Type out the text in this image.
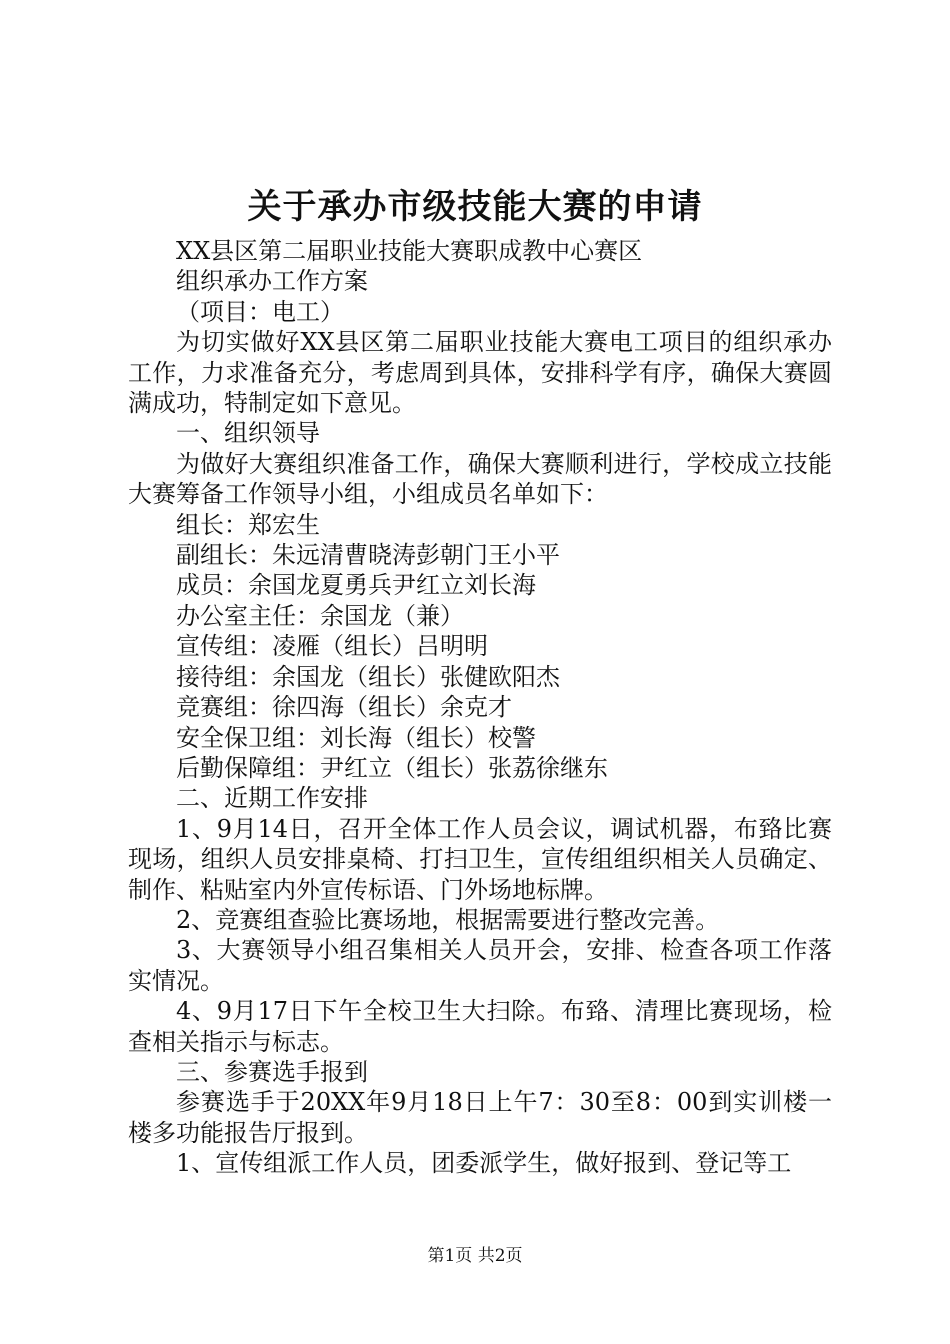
关于承办市级技能大赛的申请

XX县区第二届职业技能大赛职成教中心赛区

组织承办工作方案

（项目：电工）

为切实做好XX县区第二届职业技能大赛电工项目的组织承办工作，力求准备充分，考虑周到具体，安排科学有序，确保大赛圆满成功，特制定如下意见。

一、组织领导

为做好大赛组织准备工作，确保大赛顺利进行，学校成立技能大赛筹备工作领导小组，小组成员名单如下：

组长：郑宏生

副组长：朱远清曹晓涛彭朝门王小平

成员：余国龙夏勇兵尹红立刘长海

办公室主任：余国龙（兼）

宣传组：凌雁（组长）吕明明

接待组：余国龙（组长）张健欧阳杰

竞赛组：徐四海（组长）余克才

安全保卫组：刘长海（组长）校警

后勤保障组：尹红立（组长）张荔徐继东

二、近期工作安排

1、9月14日，召开全体工作人员会议，调试机器，布臵比赛现场，组织人员安排桌椅、打扫卫生，宣传组组织相关人员确定、制作、粘贴室内外宣传标语、门外场地标牌。

2、竞赛组查验比赛场地，根据需要进行整改完善。

3、大赛领导小组召集相关人员开会，安排、检查各项工作落实情况。

4、9月17日下午全校卫生大扫除。布臵、清理比赛现场，检查相关指示与标志。

三、参赛选手报到

参赛选手于20XX年9月18日上午7：30至8：00到实训楼一楼多功能报告厅报到。

1、宣传组派工作人员，团委派学生，做好报到、登记等工

第1页 共2页
